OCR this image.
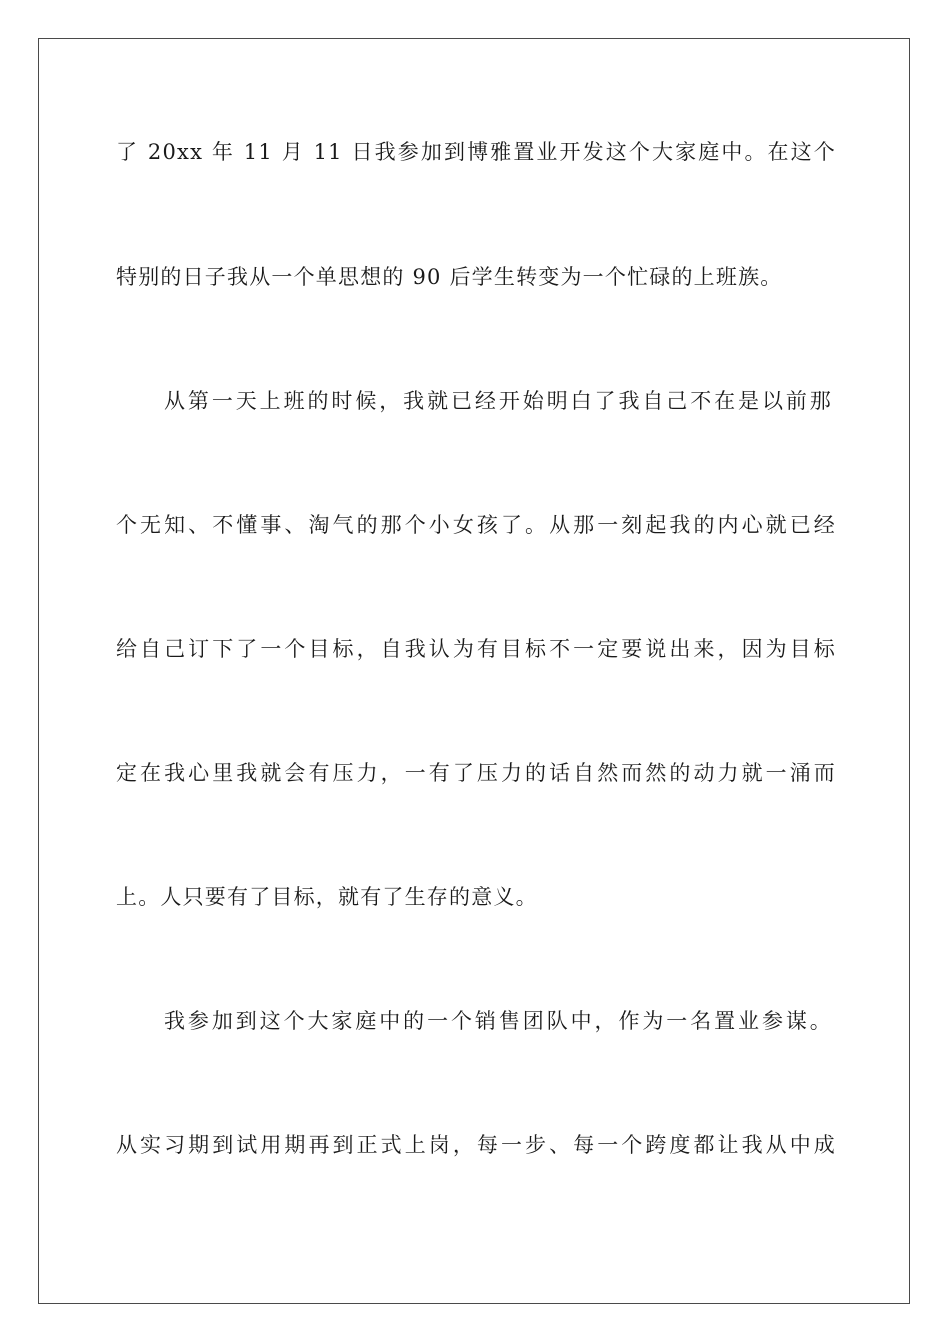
了 20xx 年 11 月 11 日我参加到博雅置业开发这个大家庭中。在这个
特别的日子我从一个单思想的 90 后学生转变为一个忙碌的上班族。
从第一天上班的时候，我就已经开始明白了我自己不在是以前那
个无知、不懂事、淘气的那个小女孩了。从那一刻起我的内心就已经
给自己订下了一个目标，自我认为有目标不一定要说出来，因为目标
定在我心里我就会有压力，一有了压力的话自然而然的动力就一涌而
上。人只要有了目标，就有了生存的意义。
我参加到这个大家庭中的一个销售团队中，作为一名置业参谋。
从实习期到试用期再到正式上岗，每一步、每一个跨度都让我从中成
